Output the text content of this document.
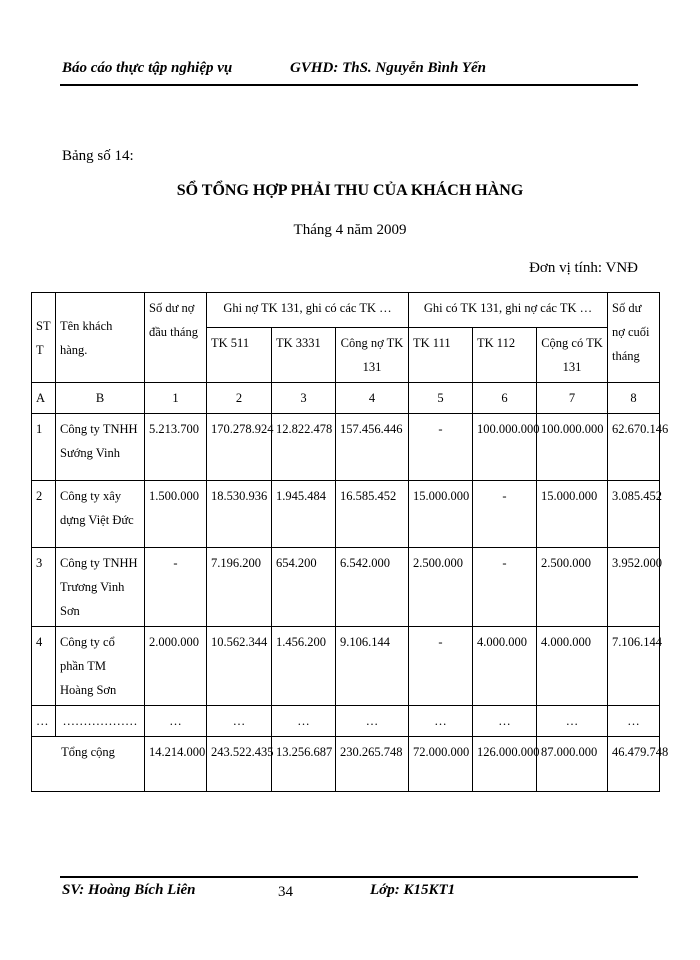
Báo cáo thực tập nghiệp vụ	GVHD: ThS. Nguyễn Bình Yến
Bảng số 14:
SỔ TỔNG HỢP PHẢI THU CỦA KHÁCH HÀNG
Tháng 4 năm 2009
Đơn vị tính: VNĐ
STT	Tên khách hàng.	Số dư nợ đầu tháng	Ghi nợ TK 131, ghi có các TK …			Ghi có TK 131, ghi nợ các TK …			Số dư nợ cuối tháng
			TK 511	TK 3331	Công nợ TK 131	TK 111	TK 112	Cộng có TK 131	
A	B	1	2	3	4	5	6	7	8
1	Công ty TNHH Sướng Vinh	5.213.700	170.278.924	12.822.478	157.456.446	-	100.000.000	100.000.000	62.670.146
2	Công ty xây dựng Việt Đức	1.500.000	18.530.936	1.945.484	16.585.452	15.000.000	-	15.000.000	3.085.452
3	Công ty TNHH Trương Vinh Sơn	-	7.196.200	654.200	6.542.000	2.500.000	-	2.500.000	3.952.000
4	Công ty cổ phần TM Hoàng Sơn	2.000.000	10.562.344	1.456.200	9.106.144	-	4.000.000	4.000.000	7.106.144
…	………………	…	…	…	…	…	…	…	…
Tổng cộng		14.214.000	243.522.435	13.256.687	230.265.748	72.000.000	126.000.000	87.000.000	46.479.748
SV: Hoàng Bích Liên	34	Lớp: K15KT1
